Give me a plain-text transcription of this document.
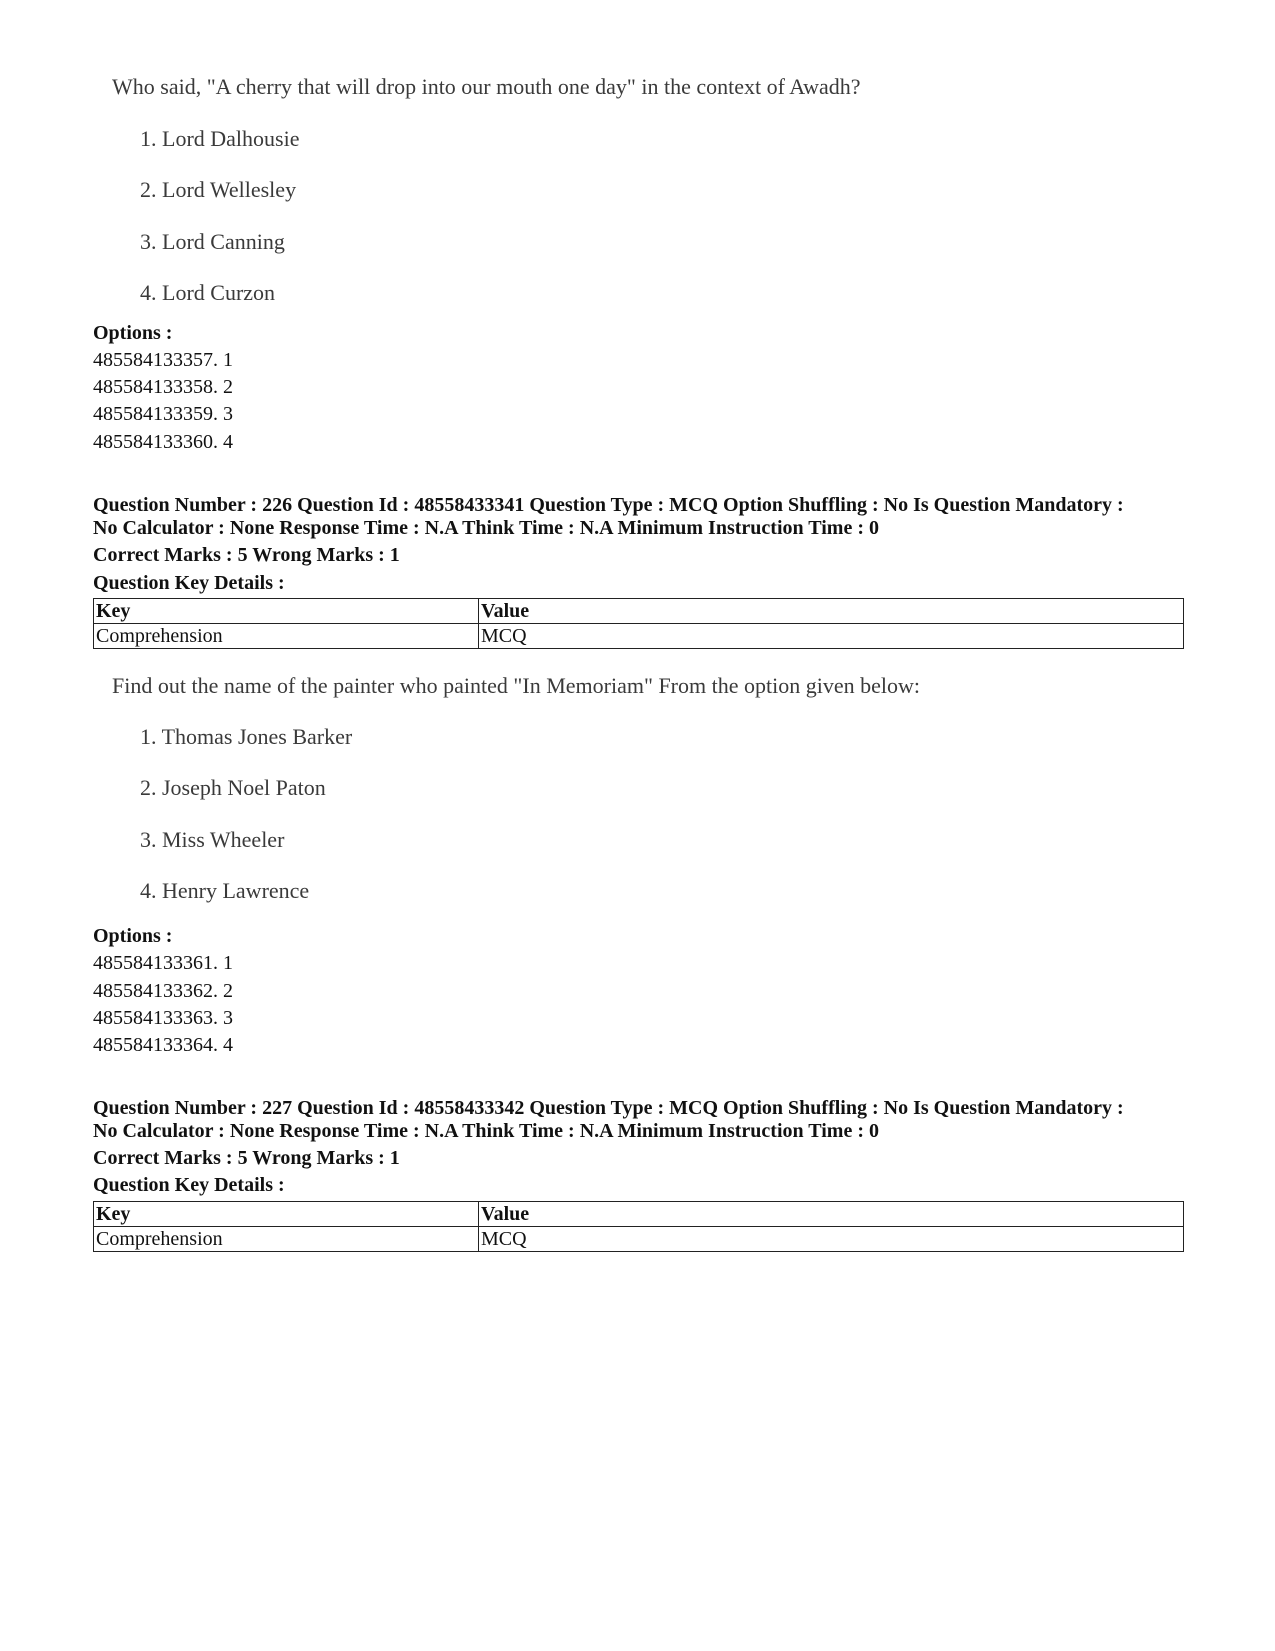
Who said, "A cherry that will drop into our mouth one day" in the context of Awadh?
1. Lord Dalhousie
2. Lord Wellesley
3. Lord Canning
4. Lord Curzon
Options :
485584133357. 1
485584133358. 2
485584133359. 3
485584133360. 4
Question Number : 226 Question Id : 48558433341 Question Type : MCQ Option Shuffling : No Is Question Mandatory :
No Calculator : None Response Time : N.A Think Time : N.A Minimum Instruction Time : 0
Correct Marks : 5 Wrong Marks : 1
Question Key Details :
Key	Value
Comprehension	MCQ
Find out the name of the painter who painted "In Memoriam" From the option given below:
1. Thomas Jones Barker
2. Joseph Noel Paton
3. Miss Wheeler
4. Henry Lawrence
Options :
485584133361. 1
485584133362. 2
485584133363. 3
485584133364. 4
Question Number : 227 Question Id : 48558433342 Question Type : MCQ Option Shuffling : No Is Question Mandatory :
No Calculator : None Response Time : N.A Think Time : N.A Minimum Instruction Time : 0
Correct Marks : 5 Wrong Marks : 1
Question Key Details :
Key	Value
Comprehension	MCQ
